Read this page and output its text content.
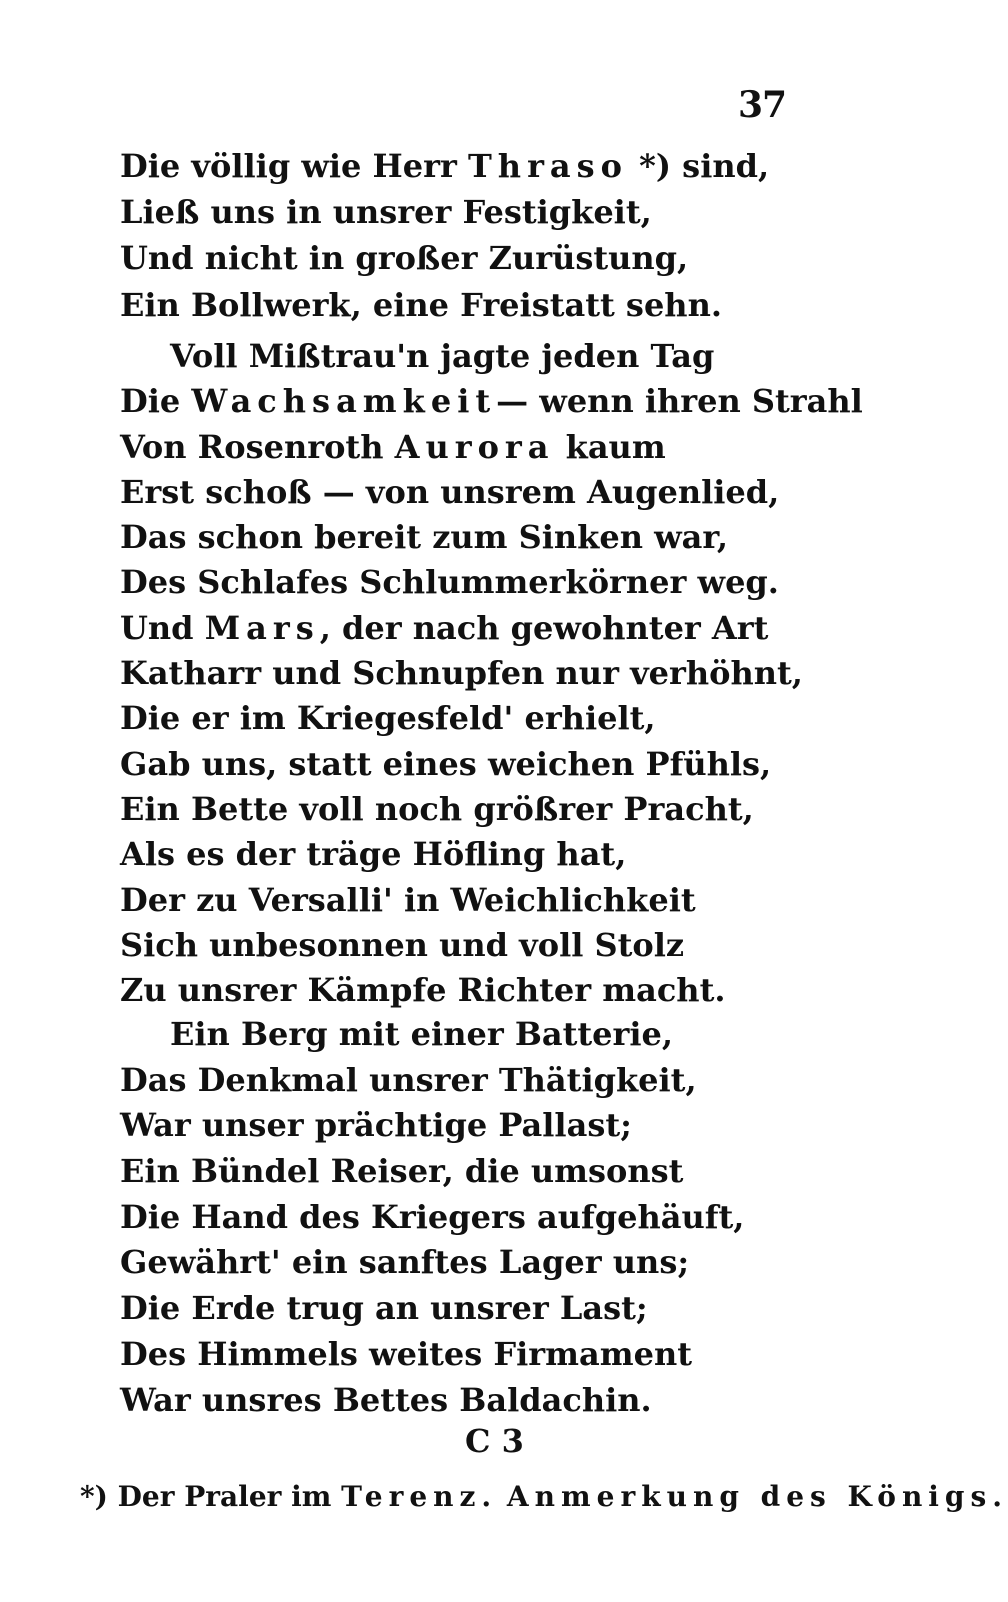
37
Die völlig wie Herr Thraso *) sind,
Ließ uns in unsrer Festigkeit,
Und nicht in großer Zurüstung,
Ein Bollwerk, eine Freistatt sehn.
Voll Mißtrau'n jagte jeden Tag
Die Wachsamkeit— wenn ihren Strahl
Von Rosenroth Aurora kaum
Erst schoß — von unsrem Augenlied,
Das schon bereit zum Sinken war,
Des Schlafes Schlummerkörner weg.
Und Mars, der nach gewohnter Art
Katharr und Schnupfen nur verhöhnt,
Die er im Kriegesfeld' erhielt,
Gab uns, statt eines weichen Pfühls,
Ein Bette voll noch größrer Pracht,
Als es der träge Höfling hat,
Der zu Versalli' in Weichlichkeit
Sich unbesonnen und voll Stolz
Zu unsrer Kämpfe Richter macht.
Ein Berg mit einer Batterie,
Das Denkmal unsrer Thätigkeit,
War unser prächtige Pallast;
Ein Bündel Reiser, die umsonst
Die Hand des Kriegers aufgehäuft,
Gewährt' ein sanftes Lager uns;
Die Erde trug an unsrer Last;
Des Himmels weites Firmament
War unsres Bettes Baldachin.
C 3
*) Der Praler im Terenz. Anmerkung des Königs.
